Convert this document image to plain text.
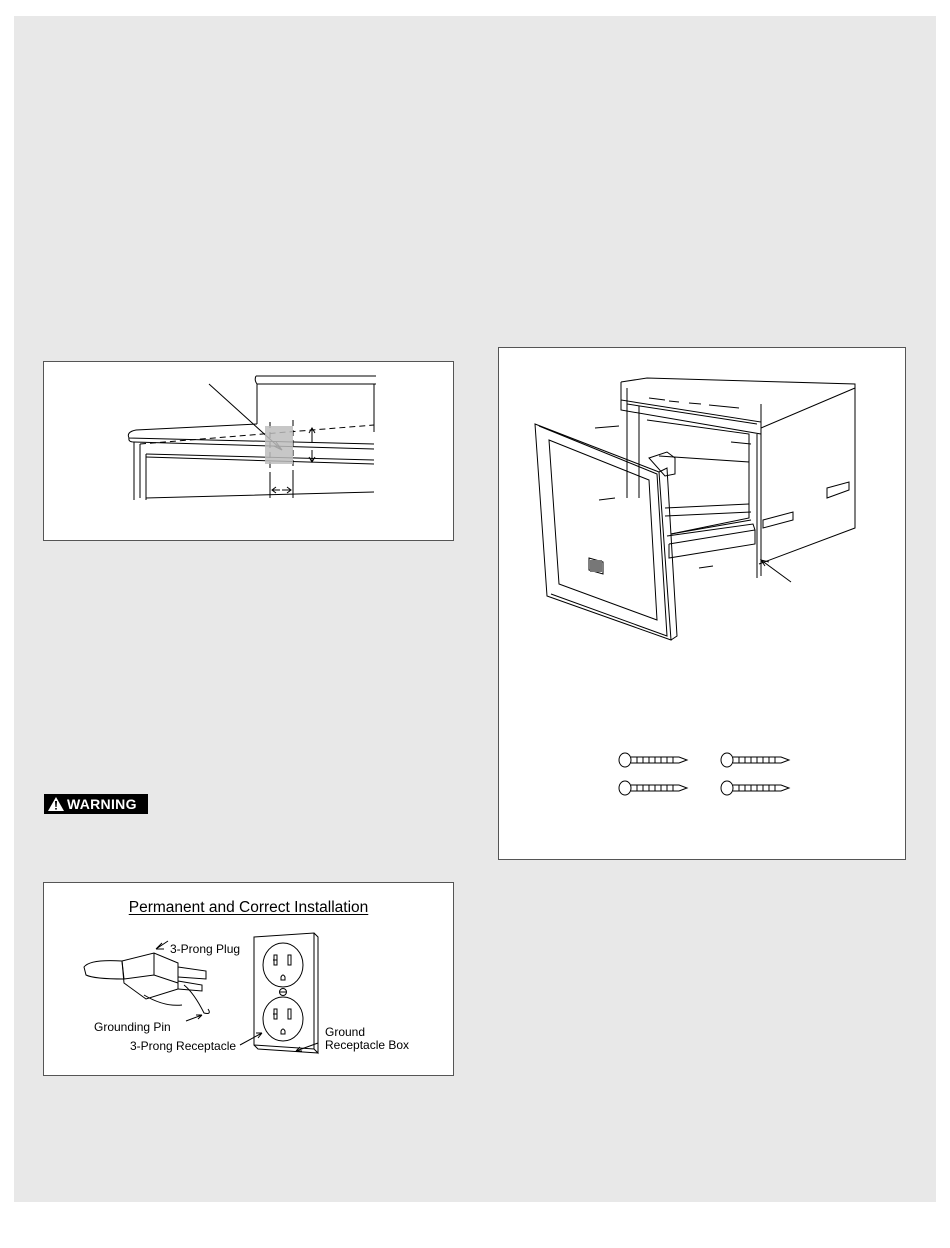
WARNING
Permanent and Correct Installation
3-Prong Plug
Grounding Pin
3-Prong Receptacle
Ground
Receptacle Box
